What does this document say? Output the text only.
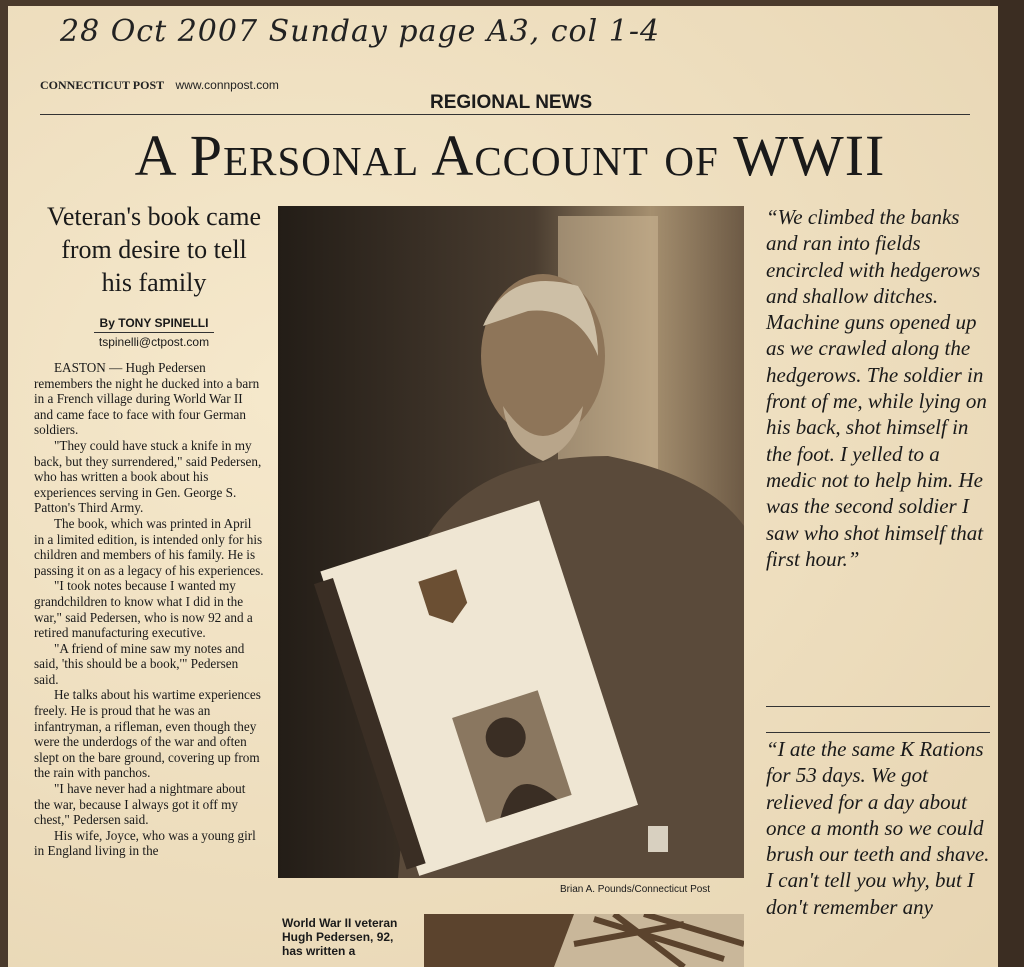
28 Oct 2007 Sunday page A3, col 1-4
CONNECTICUT POST www.connpost.com
REGIONAL NEWS
A Personal Account of WWII
Veteran's book came from desire to tell his family
By TONY SPINELLI
tspinelli@ctpost.com

EASTON — Hugh Pedersen remembers the night he ducked into a barn in a French village during World War II and came face to face with four German soldiers.

"They could have stuck a knife in my back, but they surrendered," said Pedersen, who has written a book about his experiences serving in Gen. George S. Patton's Third Army.

The book, which was printed in April in a limited edition, is intended only for his children and members of his family. He is passing it on as a legacy of his experiences.

"I took notes because I wanted my grandchildren to know what I did in the war," said Pedersen, who is now 92 and a retired manufacturing executive.

"A friend of mine saw my notes and said, 'this should be a book,'" Pedersen said.

He talks about his wartime experiences freely. He is proud that he was an infantryman, a rifleman, even though they were the underdogs of the war and often slept on the bare ground, covering up from the rain with panchos.

"I have never had a nightmare about the war, because I always got it off my chest," Pedersen said.

His wife, Joyce, who was a young girl in England living in the

Brian A. Pounds/Connecticut Post
World War II veteran Hugh Pedersen, 92, has written a
“We climbed the banks and ran into fields encircled with hedgerows and shallow ditches. Machine guns opened up as we crawled along the hedgerows. The soldier in front of me, while lying on his back, shot himself in the foot. I yelled to a medic not to help him. He was the second soldier I saw who shot himself that first hour.”
“I ate the same K Rations for 53 days. We got relieved for a day about once a month so we could brush our teeth and shave. I can't tell you why, but I don't remember any
